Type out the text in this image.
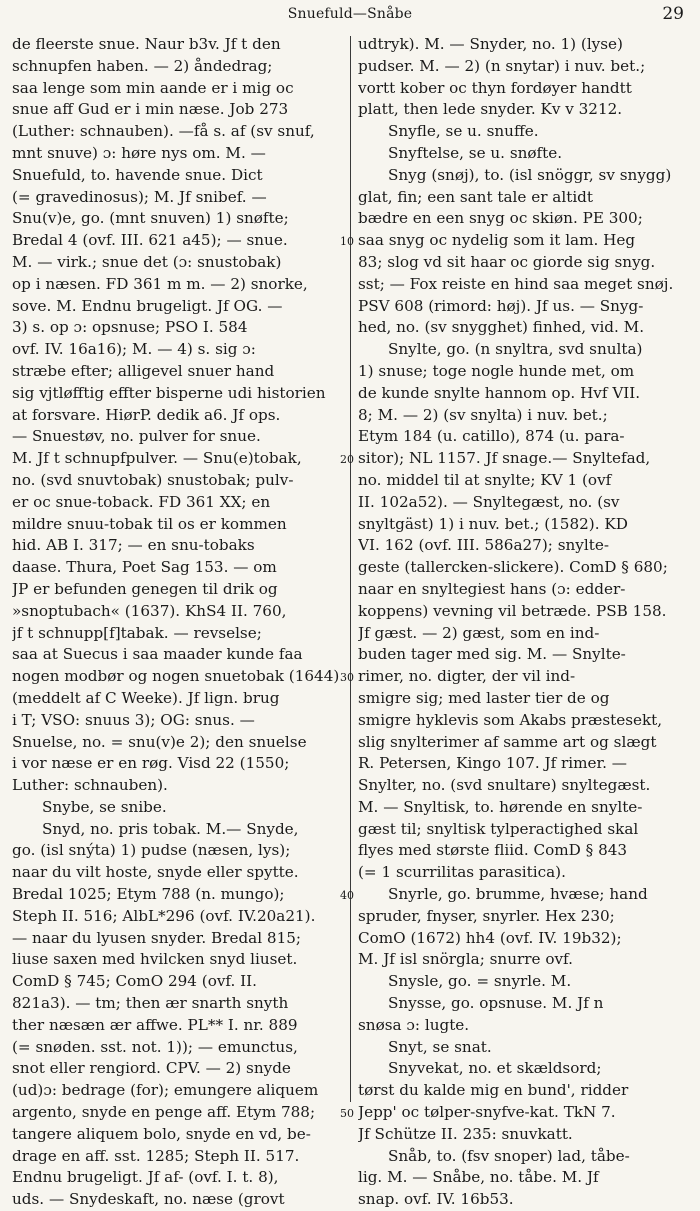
Snuefuld—Snåbe	29
de fleerste snue. Naur b3v. Jf t den
schnupfen haben. — 2) åndedrag;
saa lenge som min aande er i mig oc
snue aff Gud er i min næse. Job 273
(Luther: schnauben). —få s. af (sv snuf,
mnt snuve) ɔ: høre nys om. M. —
Snuefuld, to. havende snue. Dict
(= gravedinosus); M. Jf snibef. —
Snu(v)e, go. (mnt snuven) 1) snøfte;
Bredal 4 (ovf. III. 621 a45); — snue.
M. — virk.; snue det (ɔ: snustobak)
op i næsen. FD 361 m m. — 2) snorke,
sove. M. Endnu brugeligt. Jf OG. —
3) s. op ɔ: opsnuse; PSO I. 584
ovf. IV. 16a16); M. — 4) s. sig ɔ:
stræbe efter; alligevel snuer hand
sig vjtløfftig effter bisperne udi historien
at forsvare. HiørP. dedik a6. Jf ops.
— Snuestøv, no. pulver for snue.
M. Jf t schnupfpulver. — Snu(e)tobak,
no. (svd snuvtobak) snustobak; pulv-
er oc snue-toback. FD 361 XX; en
mildre snuu-tobak til os er kommen
hid. AB I. 317; — en snu-tobaks
daase. Thura, Poet Sag 153. — om
JP er befunden genegen til drik og
»snoptubach« (1637). KhS4 II. 760,
jf t schnupp[f]tabak. — revselse;
saa at Suecus i saa maader kunde faa
nogen modbør og nogen snuetobak (1644)
(meddelt af C Weeke). Jf lign. brug
i T; VSO: snuus 3); OG: snus. —
Snuelse, no. = snu(v)e 2); den snuelse
i vor næse er en røg. Visd 22 (1550;
Luther: schnauben).
Snybe, se snibe.
Snyd, no. pris tobak. M.— Snyde,
go. (isl snýta) 1) pudse (næsen, lys);
naar du vilt hoste, snyde eller spytte.
Bredal 1025; Etym 788 (n. mungo);
Steph II. 516; AlbL*296 (ovf. IV.20a21).
— naar du lyusen snyder. Bredal 815;
liuse saxen med hvilcken snyd liuset.
ComD § 745; ComO 294 (ovf. II.
821a3). — tm; then ær snarth snyth
ther næsæn ær affwe. PL** I. nr. 889
(= snøden. sst. not. 1)); — emunctus,
snot eller rengiord. CPV. — 2) snyde
(ud)ɔ: bedrage (for); emungere aliquem
argento, snyde en penge aff. Etym 788;
tangere aliquem bolo, snyde en vd, be-
drage en aff. sst. 1285; Steph II. 517.
Endnu brugeligt. Jf af- (ovf. I. t. 8),
uds. — Snydeskaft, no. næse (grovt
udtryk). M. — Snyder, no. 1) (lyse)
pudser. M. — 2) (n snytar) i nuv. bet.;
vortt kober oc thyn fordøyer handtt
platt, then lede snyder. Kv v 3212.
Snyfle, se u. snuffe.
Snyftelse, se u. snøfte.
Snyg (snøj), to. (isl snöggr, sv snygg)
glat, fin; een sant tale er altidt
bædre en een snyg oc skiøn. PE 300;
saa snyg oc nydelig som it lam. Heg
83; slog vd sit haar oc giorde sig snyg.
sst; — Fox reiste en hind saa meget snøj.
PSV 608 (rimord: høj). Jf us. — Snyg-
hed, no. (sv snygghet) finhed, vid. M.
Snylte, go. (n snyltra, svd snulta)
1) snuse; toge nogle hunde met, om
de kunde snylte hannom op. Hvf VII.
8; M. — 2) (sv snylta) i nuv. bet.;
Etym 184 (u. catillo), 874 (u. para-
sitor); NL 1157. Jf snage.— Snyltefad,
no. middel til at snylte; KV 1 (ovf
II. 102a52). — Snyltegæst, no. (sv
snyltgäst) 1) i nuv. bet.; (1582). KD
VI. 162 (ovf. III. 586a27); snylte-
geste (tallercken-slickere). ComD § 680;
naar en snyltegiest hans (ɔ: edder-
koppens) vevning vil betræde. PSB 158.
Jf gæst. — 2) gæst, som en ind-
buden tager med sig. M. — Snylte-
rimer, no. digter, der vil ind-
smigre sig; med laster tier de og
smigre hyklevis som Akabs præstesekt,
slig snylterimer af samme art og slægt
R. Petersen, Kingo 107. Jf rimer. —
Snylter, no. (svd snultare) snyltegæst.
M. — Snyltisk, to. hørende en snylte-
gæst til; snyltisk tylperactighed skal
flyes med største fliid. ComD § 843
(= 1 scurrilitas parasitica).
Snyrle, go. brumme, hvæse; hand
spruder, fnyser, snyrler. Hex 230;
ComO (1672) hh4 (ovf. IV. 19b32);
M. Jf isl snörgla; snurre ovf.
Snysle, go. = snyrle. M.
Snysse, go. opsnuse. M. Jf n
snøsa ɔ: lugte.
Snyt, se snat.
Snyvekat, no. et skældsord;
tørst du kalde mig en bund', ridder
Jepp' oc tølper-snyfve-kat. TkN 7.
Jf Schütze II. 235: snuvkatt.
Snåb, to. (fsv snoper) lad, tåbe-
lig. M. — Snåbe, no. tåbe. M. Jf
snap. ovf. IV. 16b53.
10
20
30
40
50
